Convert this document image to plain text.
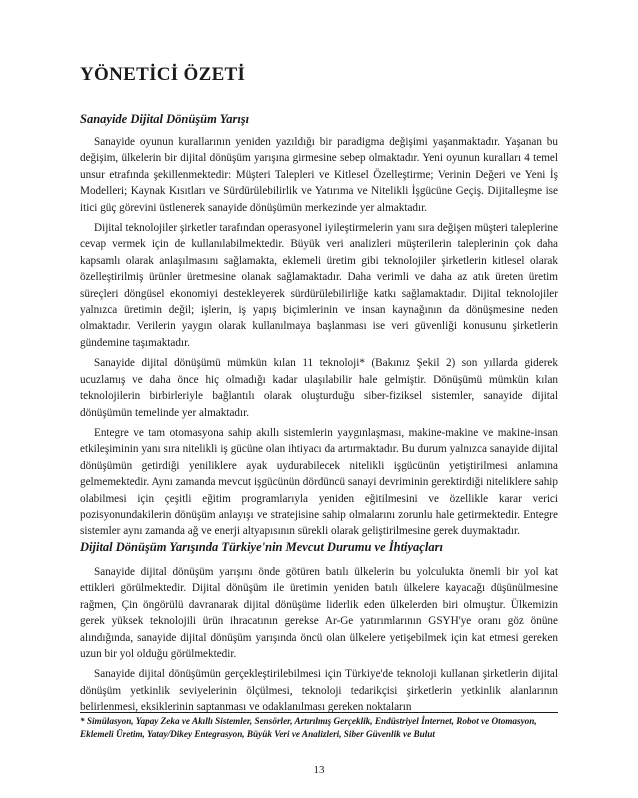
YÖNETİCİ ÖZETİ
Sanayide Dijital Dönüşüm Yarışı

Sanayide oyunun kurallarının yeniden yazıldığı bir paradigma değişimi yaşanmaktadır. Yaşanan bu değişim, ülkelerin bir dijital dönüşüm yarışına girmesine sebep olmaktadır. Yeni oyunun kuralları 4 temel unsur etrafında şekillenmektedir: Müşteri Talepleri ve Kitlesel Özelleştirme; Verinin Değeri ve Yeni İş Modelleri; Kaynak Kısıtları ve Sürdürülebilirlik ve Yatırıma ve Nitelikli İşgücüne Geçiş. Dijitalleşme ise itici güç görevini üstlenerek sanayide dönüşümün merkezinde yer almaktadır.

Dijital teknolojiler şirketler tarafından operasyonel iyileştirmelerin yanı sıra değişen müşteri taleplerine cevap vermek için de kullanılabilmektedir. Büyük veri analizleri müşterilerin taleplerinin çok daha kapsamlı olarak anlaşılmasını sağlamakta, eklemeli üretim gibi teknolojiler şirketlerin kitlesel olarak özelleştirilmiş ürünler üretmesine olanak sağlamaktadır. Daha verimli ve daha az atık üreten üretim süreçleri döngüsel ekonomiyi destekleyerek sürdürülebilirliğe katkı sağlamaktadır. Dijital teknolojiler yalnızca üretimin değil; işlerin, iş yapış biçimlerinin ve insan kaynağının da dönüşmesine neden olmaktadır. Verilerin yaygın olarak kullanılmaya başlanması ise veri güvenliği konusunu şirketlerin gündemine taşımaktadır.

Sanayide dijital dönüşümü mümkün kılan 11 teknoloji* (Bakınız Şekil 2) son yıllarda giderek ucuzlamış ve daha önce hiç olmadığı kadar ulaşılabilir hale gelmiştir. Dönüşümü mümkün kılan teknolojilerin birbirleriyle bağlantılı olarak oluşturduğu siber-fiziksel sistemler, sanayide dijital dönüşümün temelinde yer almaktadır.

Entegre ve tam otomasyona sahip akıllı sistemlerin yaygınlaşması, makine-makine ve makine-insan etkileşiminin yanı sıra nitelikli iş gücüne olan ihtiyacı da artırmaktadır. Bu durum yalnızca sanayide dijital dönüşümün getirdiği yeniliklere ayak uydurabilecek nitelikli işgücünün yetiştirilmesi anlamına gelmemektedir. Aynı zamanda mevcut işgücünün dördüncü sanayi devriminin gerektirdiği niteliklere sahip olabilmesi için çeşitli eğitim programlarıyla yeniden eğitilmesini ve özellikle karar verici pozisyonundakilerin dönüşüm anlayışı ve stratejisine sahip olmalarını zorunlu hale getirmektedir. Entegre sistemler aynı zamanda ağ ve enerji altyapısının sürekli olarak geliştirilmesine gerek duymaktadır.

Dijital Dönüşüm Yarışında Türkiye'nin Mevcut Durumu ve İhtiyaçları

Sanayide dijital dönüşüm yarışını önde götüren batılı ülkelerin bu yolculukta önemli bir yol kat ettikleri görülmektedir. Dijital dönüşüm ile üretimin yeniden batılı ülkelere kayacağı düşünülmesine rağmen, Çin öngörülü davranarak dijital dönüşüme liderlik eden ülkelerden biri olmuştur. Ülkemizin gerek yüksek teknolojili ürün ihracatının gerekse Ar-Ge yatırımlarının GSYH'ye oranı göz önüne alındığında, sanayide dijital dönüşüm yarışında öncü olan ülkelere yetişebilmek için kat etmesi gereken uzun bir yol olduğu görülmektedir.

Sanayide dijital dönüşümün gerçekleştirilebilmesi için Türkiye'de teknoloji kullanan şirketlerin dijital dönüşüm yetkinlik seviyelerinin ölçülmesi, teknoloji tedarikçisi şirketlerin yetkinlik alanlarının belirlenmesi, eksiklerinin saptanması ve odaklanılması gereken noktaların

* Simülasyon, Yapay Zeka ve Akıllı Sistemler, Sensörler, Artırılmış Gerçeklik, Endüstriyel İnternet, Robot ve Otomasyon, Eklemeli Üretim, Yatay/Dikey Entegrasyon, Büyük Veri ve Analizleri, Siber Güvenlik ve Bulut
13
